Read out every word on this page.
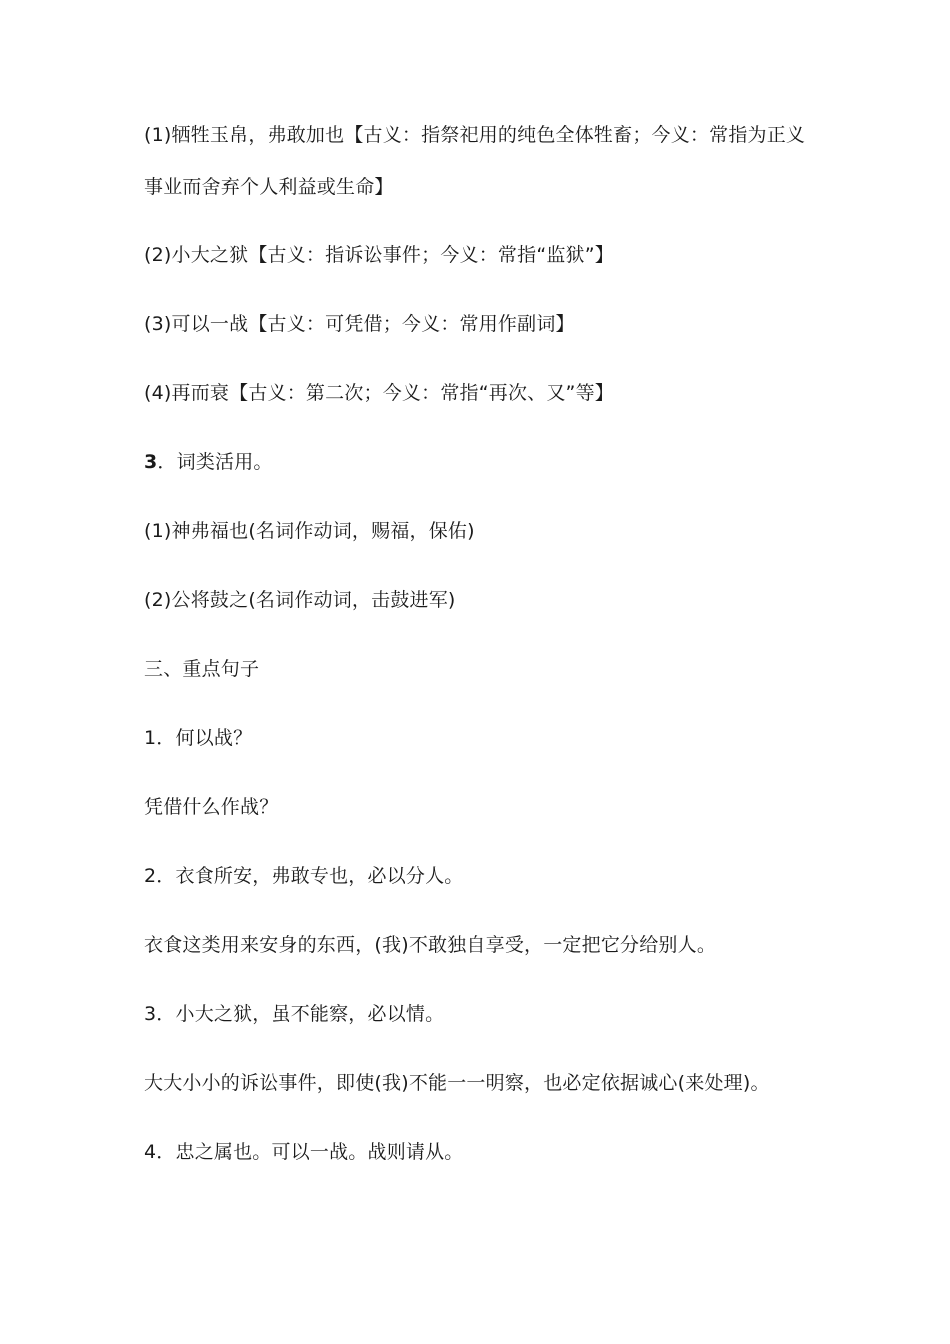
(1)牺牲玉帛，弗敢加也【古义：指祭祀用的纯色全体牲畜；今义：常指为正义
事业而舍弃个人利益或生命】
(2)小大之狱【古义：指诉讼事件；今义：常指“监狱”】
(3)可以一战【古义：可凭借；今义：常用作副词】
(4)再而衰【古义：第二次；今义：常指“再次、又”等】
3．词类活用。
(1)神弗福也(名词作动词，赐福，保佑)
(2)公将鼓之(名词作动词，击鼓进军)
三、重点句子
1．何以战？
凭借什么作战？
2．衣食所安，弗敢专也，必以分人。
衣食这类用来安身的东西，(我)不敢独自享受，一定把它分给别人。
3．小大之狱，虽不能察，必以情。
大大小小的诉讼事件，即使(我)不能一一明察，也必定依据诚心(来处理)。
4．忠之属也。可以一战。战则请从。
